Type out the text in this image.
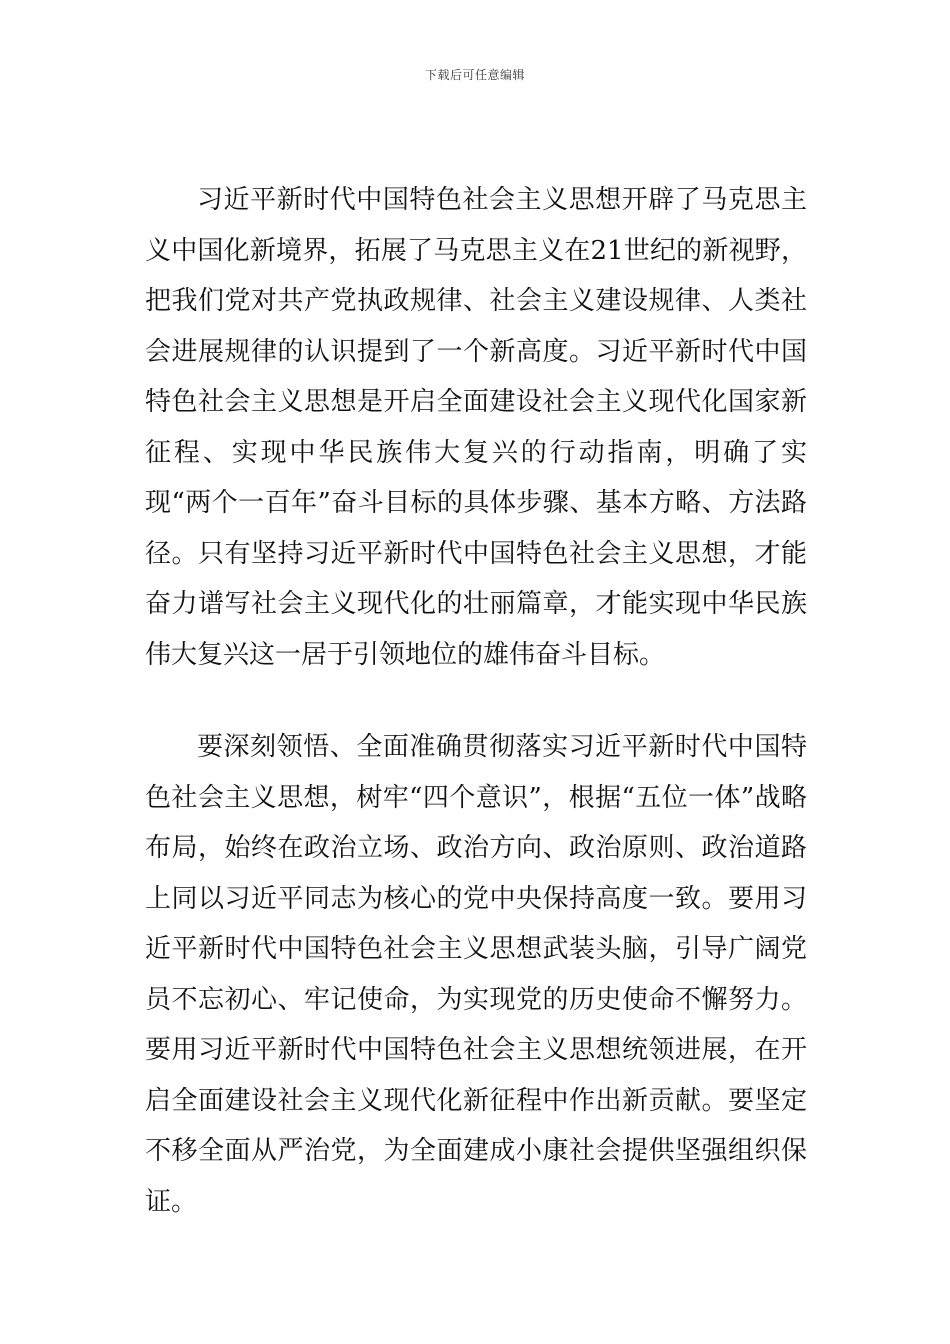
下载后可任意编辑

习近平新时代中国特色社会主义思想开辟了马克思主义中国化新境界，拓展了马克思主义在21世纪的新视野，把我们党对共产党执政规律、社会主义建设规律、人类社会进展规律的认识提到了一个新高度。习近平新时代中国特色社会主义思想是开启全面建设社会主义现代化国家新征程、实现中华民族伟大复兴的行动指南，明确了实现“两个一百年”奋斗目标的具体步骤、基本方略、方法路径。只有坚持习近平新时代中国特色社会主义思想，才能奋力谱写社会主义现代化的壮丽篇章，才能实现中华民族伟大复兴这一居于引领地位的雄伟奋斗目标。

要深刻领悟、全面准确贯彻落实习近平新时代中国特色社会主义思想，树牢“四个意识”，根据“五位一体”战略布局，始终在政治立场、政治方向、政治原则、政治道路上同以习近平同志为核心的党中央保持高度一致。要用习近平新时代中国特色社会主义思想武装头脑，引导广阔党员不忘初心、牢记使命，为实现党的历史使命不懈努力。要用习近平新时代中国特色社会主义思想统领进展，在开启全面建设社会主义现代化新征程中作出新贡献。要坚定不移全面从严治党，为全面建成小康社会提供坚强组织保证。
